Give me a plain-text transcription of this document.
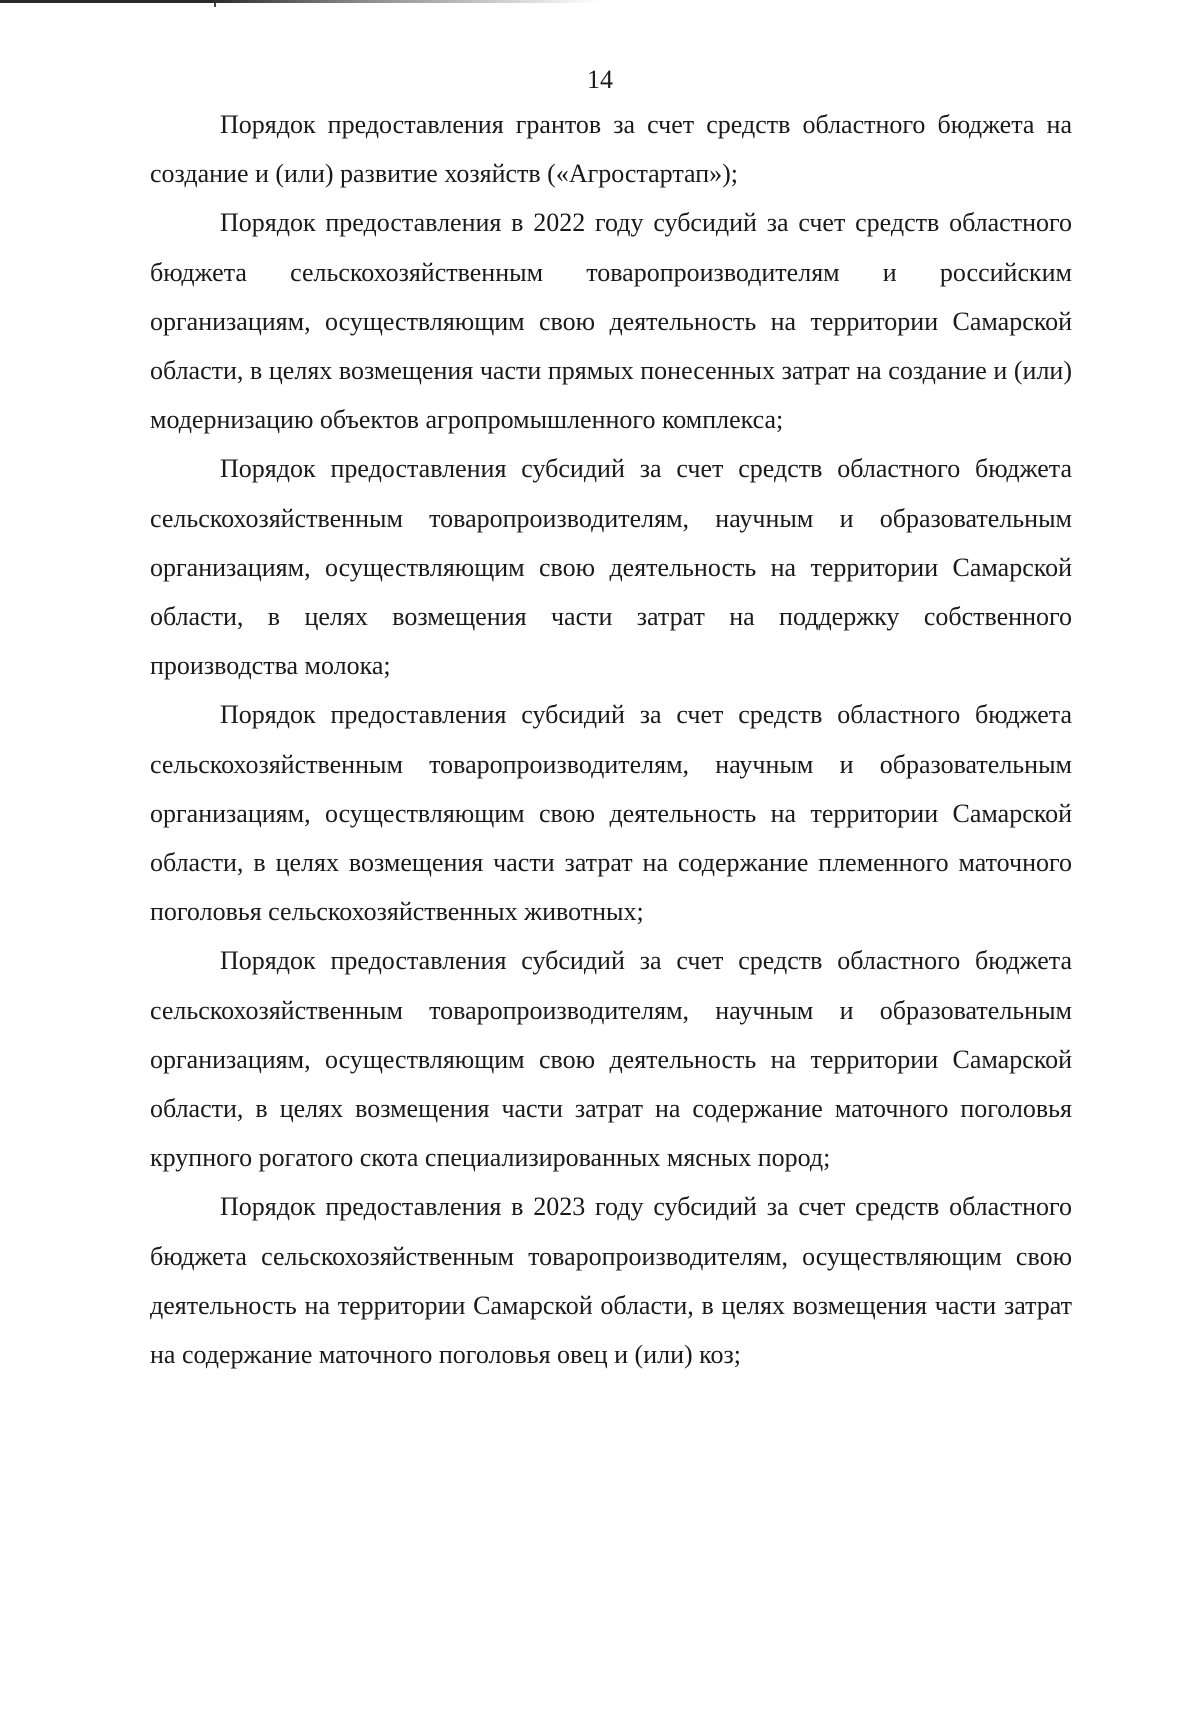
14

Порядок предоставления грантов за счет средств областного бюджета на создание и (или) развитие хозяйств («Агростартап»);

Порядок предоставления в 2022 году субсидий за счет средств областного бюджета сельскохозяйственным товаропроизводителям и российским организациям, осуществляющим свою деятельность на территории Самарской области, в целях возмещения части прямых понесенных затрат на создание и (или) модернизацию объектов агропромышленного комплекса;

Порядок предоставления субсидий за счет средств областного бюджета сельскохозяйственным товаропроизводителям, научным и образовательным организациям, осуществляющим свою деятельность на территории Самарской области, в целях возмещения части затрат на поддержку собственного производства молока;

Порядок предоставления субсидий за счет средств областного бюджета сельскохозяйственным товаропроизводителям, научным и образовательным организациям, осуществляющим свою деятельность на территории Самарской области, в целях возмещения части затрат на содержание племенного маточного поголовья сельскохозяйственных животных;

Порядок предоставления субсидий за счет средств областного бюджета сельскохозяйственным товаропроизводителям, научным и образовательным организациям, осуществляющим свою деятельность на территории Самарской области, в целях возмещения части затрат на содержание маточного поголовья крупного рогатого скота специализированных мясных пород;

Порядок предоставления в 2023 году субсидий за счет средств областного бюджета сельскохозяйственным товаропроизводителям, осуществляющим свою деятельность на территории Самарской области, в целях возмещения части затрат на содержание маточного поголовья овец и (или) коз;
